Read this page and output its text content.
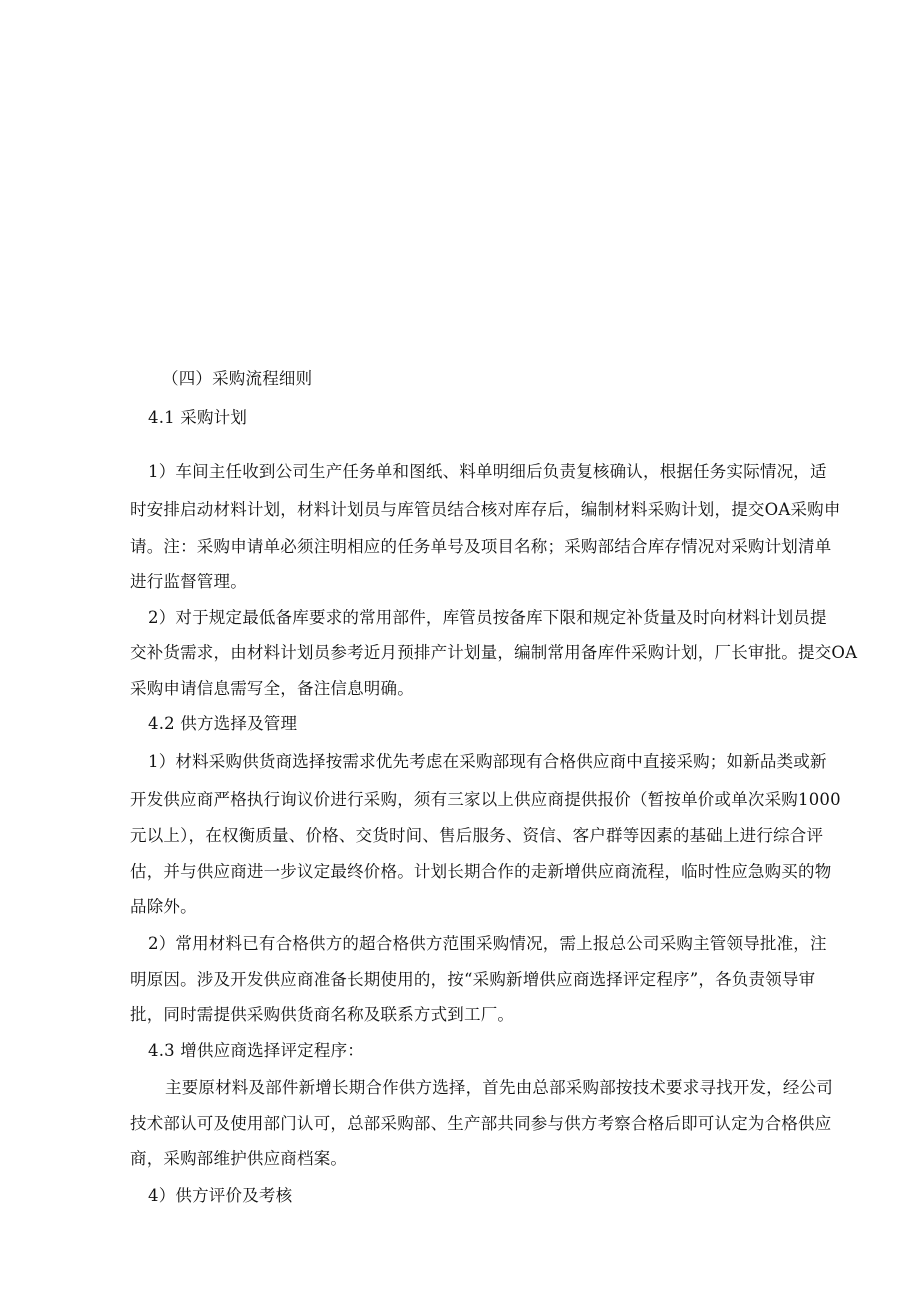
（四）采购流程细则
4.1 采购计划
1）车间主任收到公司生产任务单和图纸、料单明细后负责复核确认，根据任务实际情况，适
时安排启动材料计划，材料计划员与库管员结合核对库存后，编制材料采购计划，提交OA采购申
请。注：采购申请单必须注明相应的任务单号及项目名称；采购部结合库存情况对采购计划清单
进行监督管理。
2）对于规定最低备库要求的常用部件，库管员按备库下限和规定补货量及时向材料计划员提
交补货需求，由材料计划员参考近月预排产计划量，编制常用备库件采购计划，厂长审批。提交OA
采购申请信息需写全，备注信息明确。
4.2 供方选择及管理
1）材料采购供货商选择按需求优先考虑在采购部现有合格供应商中直接采购；如新品类或新
开发供应商严格执行询议价进行采购，须有三家以上供应商提供报价（暂按单价或单次采购1000
元以上），在权衡质量、价格、交货时间、售后服务、资信、客户群等因素的基础上进行综合评
估，并与供应商进一步议定最终价格。计划长期合作的走新增供应商流程，临时性应急购买的物
品除外。
2）常用材料已有合格供方的超合格供方范围采购情况，需上报总公司采购主管领导批准，注
明原因。涉及开发供应商准备长期使用的，按“采购新增供应商选择评定程序”，各负责领导审
批，同时需提供采购供货商名称及联系方式到工厂。
4.3 增供应商选择评定程序：
主要原材料及部件新增长期合作供方选择，首先由总部采购部按技术要求寻找开发，经公司
技术部认可及使用部门认可，总部采购部、生产部共同参与供方考察合格后即可认定为合格供应
商，采购部维护供应商档案。
4）供方评价及考核
